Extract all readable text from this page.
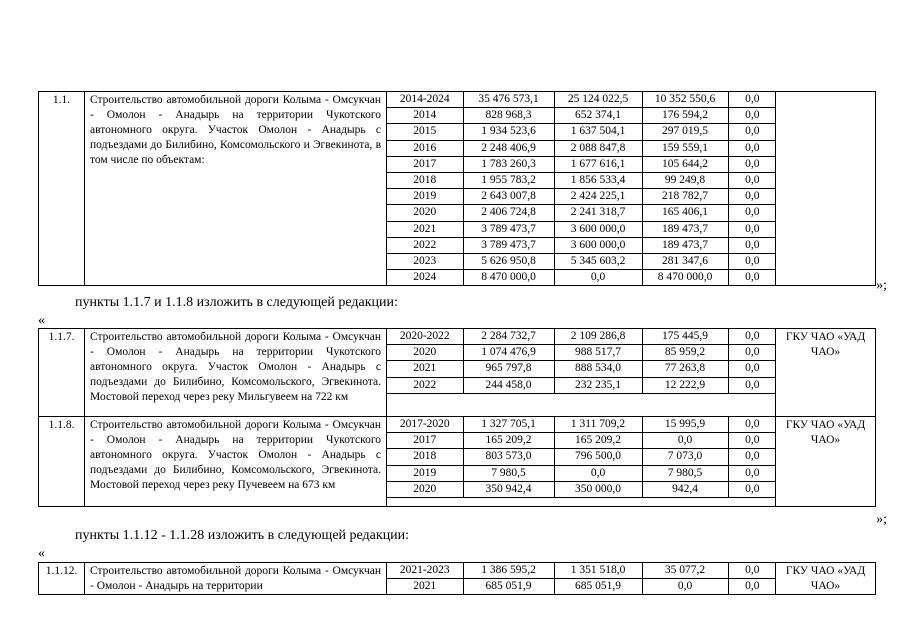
1.1.	Строительство автомобильной дороги Колыма - Омсукчан - Омолон - Анадырь на территории Чукотского автономного округа. Участок Омолон - Анадырь с подъездами до Билибино, Комсомольского и Эгвекинота, в том числе по объектам:	
2014-2024	35 476 573,1	25 124 022,5	10 352 550,6	0,0
2014	828 968,3	652 374,1	176 594,2	0,0
2015	1 934 523,6	1 637 504,1	297 019,5	0,0
2016	2 248 406,9	2 088 847,8	159 559,1	0,0
2017	1 783 260,3	1 677 616,1	105 644,2	0,0
2018	1 955 783,2	1 856 533,4	99 249,8	0,0
2019	2 643 007,8	2 424 225,1	218 782,7	0,0
2020	2 406 724,8	2 241 318,7	165 406,1	0,0
2021	3 789 473,7	3 600 000,0	189 473,7	0,0
2022	3 789 473,7	3 600 000,0	189 473,7	0,0
2023	5 626 950,8	5 345 603,2	281 347,6	0,0
2024	8 470 000,0	0,0	8 470 000,0	0,0

»;
пункты 1.1.7 и 1.1.8 изложить в следующей редакции:
«
1.1.7.	Строительство автомобильной дороги Колыма - Омсукчан - Омолон - Анадырь на территории Чукотского автономного округа. Участок Омолон - Анадырь с подъездами до Билибино, Комсомольского, Эгвекинота. Мостовой переход через реку Мильгувеем на 722 км	
2020-2022	2 284 732,7	2 109 286,8	175 445,9	0,0
2020	1 074 476,9	988 517,7	85 959,2	0,0
2021	965 797,8	888 534,0	77 263,8	0,0
2022	244 458,0	232 235,1	12 222,9	0,0
	ГКУ ЧАО «УАД ЧАО»
1.1.8.	Строительство автомобильной дороги Колыма - Омсукчан - Омолон - Анадырь на территории Чукотского автономного округа. Участок Омолон - Анадырь с подъездами до Билибино, Комсомольского, Эгвекинота. Мостовой переход через реку Пучевеем на 673 км	
2017-2020	1 327 705,1	1 311 709,2	15 995,9	0,0
2017	165 209,2	165 209,2	0,0	0,0
2018	803 573,0	796 500,0	7 073,0	0,0
2019	7 980,5	0,0	7 980,5	0,0
2020	350 942,4	350 000,0	942,4	0,0
	ГКУ ЧАО «УАД ЧАО»
»;
пункты 1.1.12 - 1.1.28 изложить в следующей редакции:
«
1.1.12.	Строительство автомобильной дороги Колыма - Омсукчан - Омолон - Анадырь на территории	
2021-2023	1 386 595,2	1 351 518,0	35 077,2	0,0
2021	685 051,9	685 051,9	0,0	0,0
	ГКУ ЧАО «УАД ЧАО»
